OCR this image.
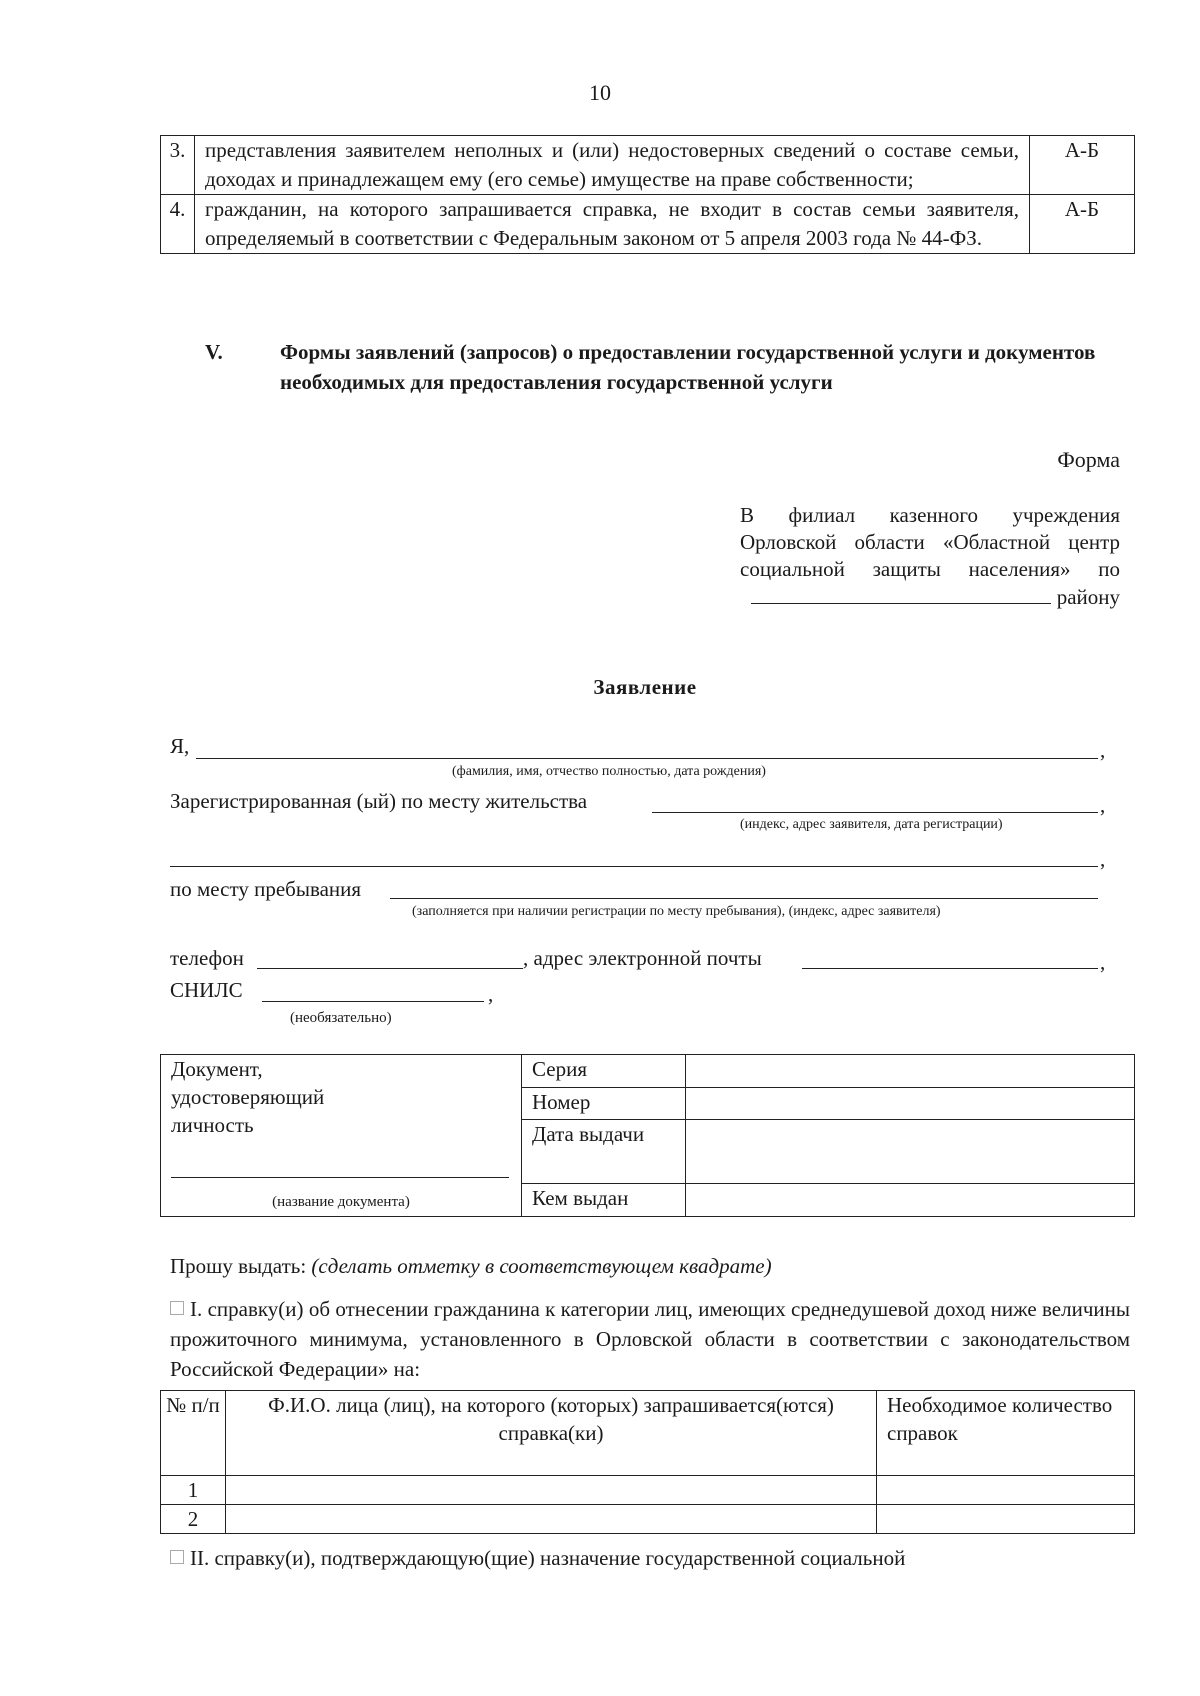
10
3.	представления заявителем неполных и (или) недостоверных сведений о составе семьи, доходах и принадлежащем ему (его семье) имуществе на праве собственности;	А-Б
4.	гражданин, на которого запрашивается справка, не входит в состав семьи заявителя, определяемый в соответствии с Федеральным законом от 5 апреля 2003 года № 44-ФЗ.	А-Б
V.	Формы заявлений (запросов) о предоставлении государственной услуги и документов необходимых для предоставления государственной услуги
Форма
В филиал казенного учреждения
Орловской области «Областной центр
социальной защиты населения» по
району
Заявление
Я,	,
(фамилия, имя, отчество полностью, дата рождения)
Зарегистрированная (ый) по месту жительства	,
(индекс, адрес заявителя, дата регистрации)
,
по месту пребывания
(заполняется при наличии регистрации по месту пребывания), (индекс, адрес заявителя)
телефон	, адрес электронной почты	,
СНИЛС	,
(необязательно)
Документ,
удостоверяющий
личность
(название документа)	Серия	
	Номер	
	Дата выдачи	
	Кем выдан	
Прошу выдать: (сделать отметку в соответствующем квадрате)
I. справку(и) об отнесении гражданина к категории лиц, имеющих среднедушевой доход ниже величины прожиточного минимума, установленного в Орловской области в соответствии с законодательством Российской Федерации» на:
№ п/п	Ф.И.О. лица (лиц), на которого (которых) запрашивается(ются) справка(ки)	Необходимое количество справок
1		
2		
II. справку(и), подтверждающую(щие) назначение государственной социальной
